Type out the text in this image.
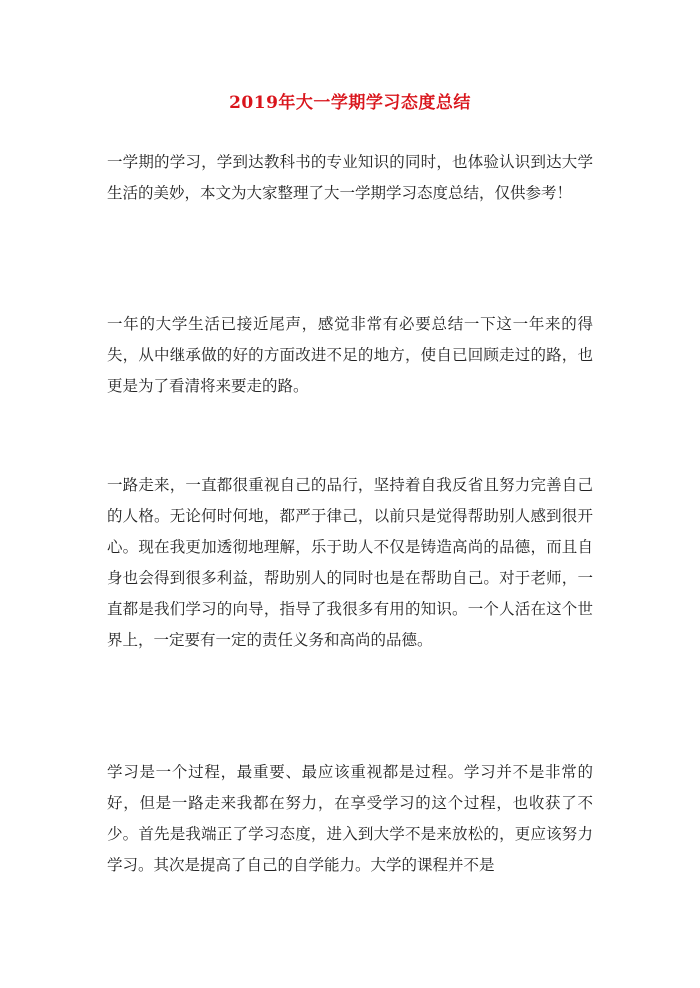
2019年大一学期学习态度总结

一学期的学习，学到达教科书的专业知识的同时，也体验认识到达大学生活的美妙，本文为大家整理了大一学期学习态度总结，仅供参考！

一年的大学生活已接近尾声，感觉非常有必要总结一下这一年来的得失，从中继承做的好的方面改进不足的地方，使自已回顾走过的路，也更是为了看清将来要走的路。

一路走来，一直都很重视自己的品行，坚持着自我反省且努力完善自己的人格。无论何时何地，都严于律己，以前只是觉得帮助别人感到很开心。现在我更加透彻地理解，乐于助人不仅是铸造高尚的品德，而且自身也会得到很多利益，帮助别人的同时也是在帮助自己。对于老师，一直都是我们学习的向导，指导了我很多有用的知识。一个人活在这个世界上，一定要有一定的责任义务和高尚的品德。

学习是一个过程，最重要、最应该重视都是过程。学习并不是非常的好，但是一路走来我都在努力，在享受学习的这个过程，也收获了不少。首先是我端正了学习态度，进入到大学不是来放松的，更应该努力学习。其次是提高了自己的自学能力。大学的课程并不是
